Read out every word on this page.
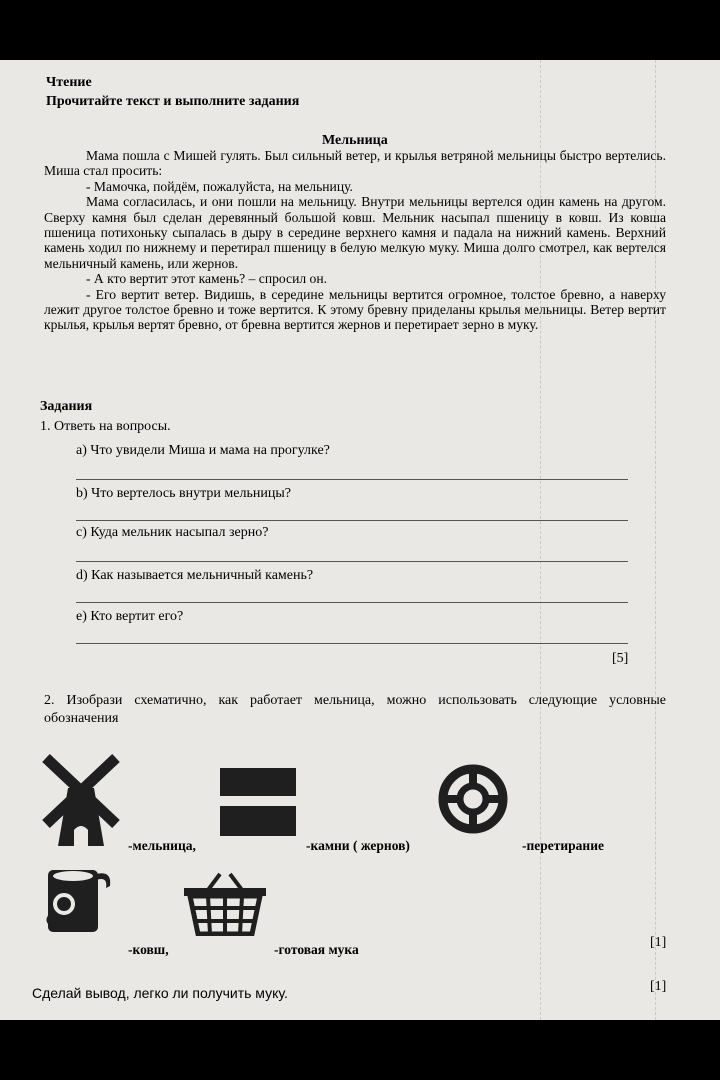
Чтение
Прочитайте текст и выполните задания
Мельница

Мама пошла с Мишей гулять. Был сильный ветер, и крылья ветряной мельницы быстро вертелись. Миша стал просить:

- Мамочка, пойдём, пожалуйста, на мельницу.

Мама согласилась, и они пошли на мельницу. Внутри мельницы вертелся один камень на другом. Сверху камня был сделан деревянный большой ковш. Мельник насыпал пшеницу в ковш. Из ковша пшеница потихоньку сыпалась в дыру в середине верхнего камня и падала на нижний камень. Верхний камень ходил по нижнему и перетирал пшеницу в белую мелкую муку. Миша долго смотрел, как вертелся мельничный камень, или жернов.

- А кто вертит этот камень? – спросил он.

- Его вертит ветер. Видишь, в середине мельницы вертится огромное, толстое бревно, а наверху лежит другое толстое бревно и тоже вертится. К этому бревну приделаны крылья мельницы. Ветер вертит крылья, крылья вертят бревно, от бревна вертится жернов и перетирает зерно в муку.

Задания
1. Ответь на вопросы.
a) Что увидели Миша и мама на прогулке?
b) Что вертелось внутри мельницы?
c) Куда мельник насыпал зерно?
d) Как называется мельничный камень?
e) Кто вертит его?
[5]
2. Изобрази схематично, как работает мельница, можно использовать следующие условные обозначения
-мельница,	-камни ( жернов)	-перетирание
-ковш,	-готовая мука	[1]
Сделай вывод, легко ли получить муку.	[1]
